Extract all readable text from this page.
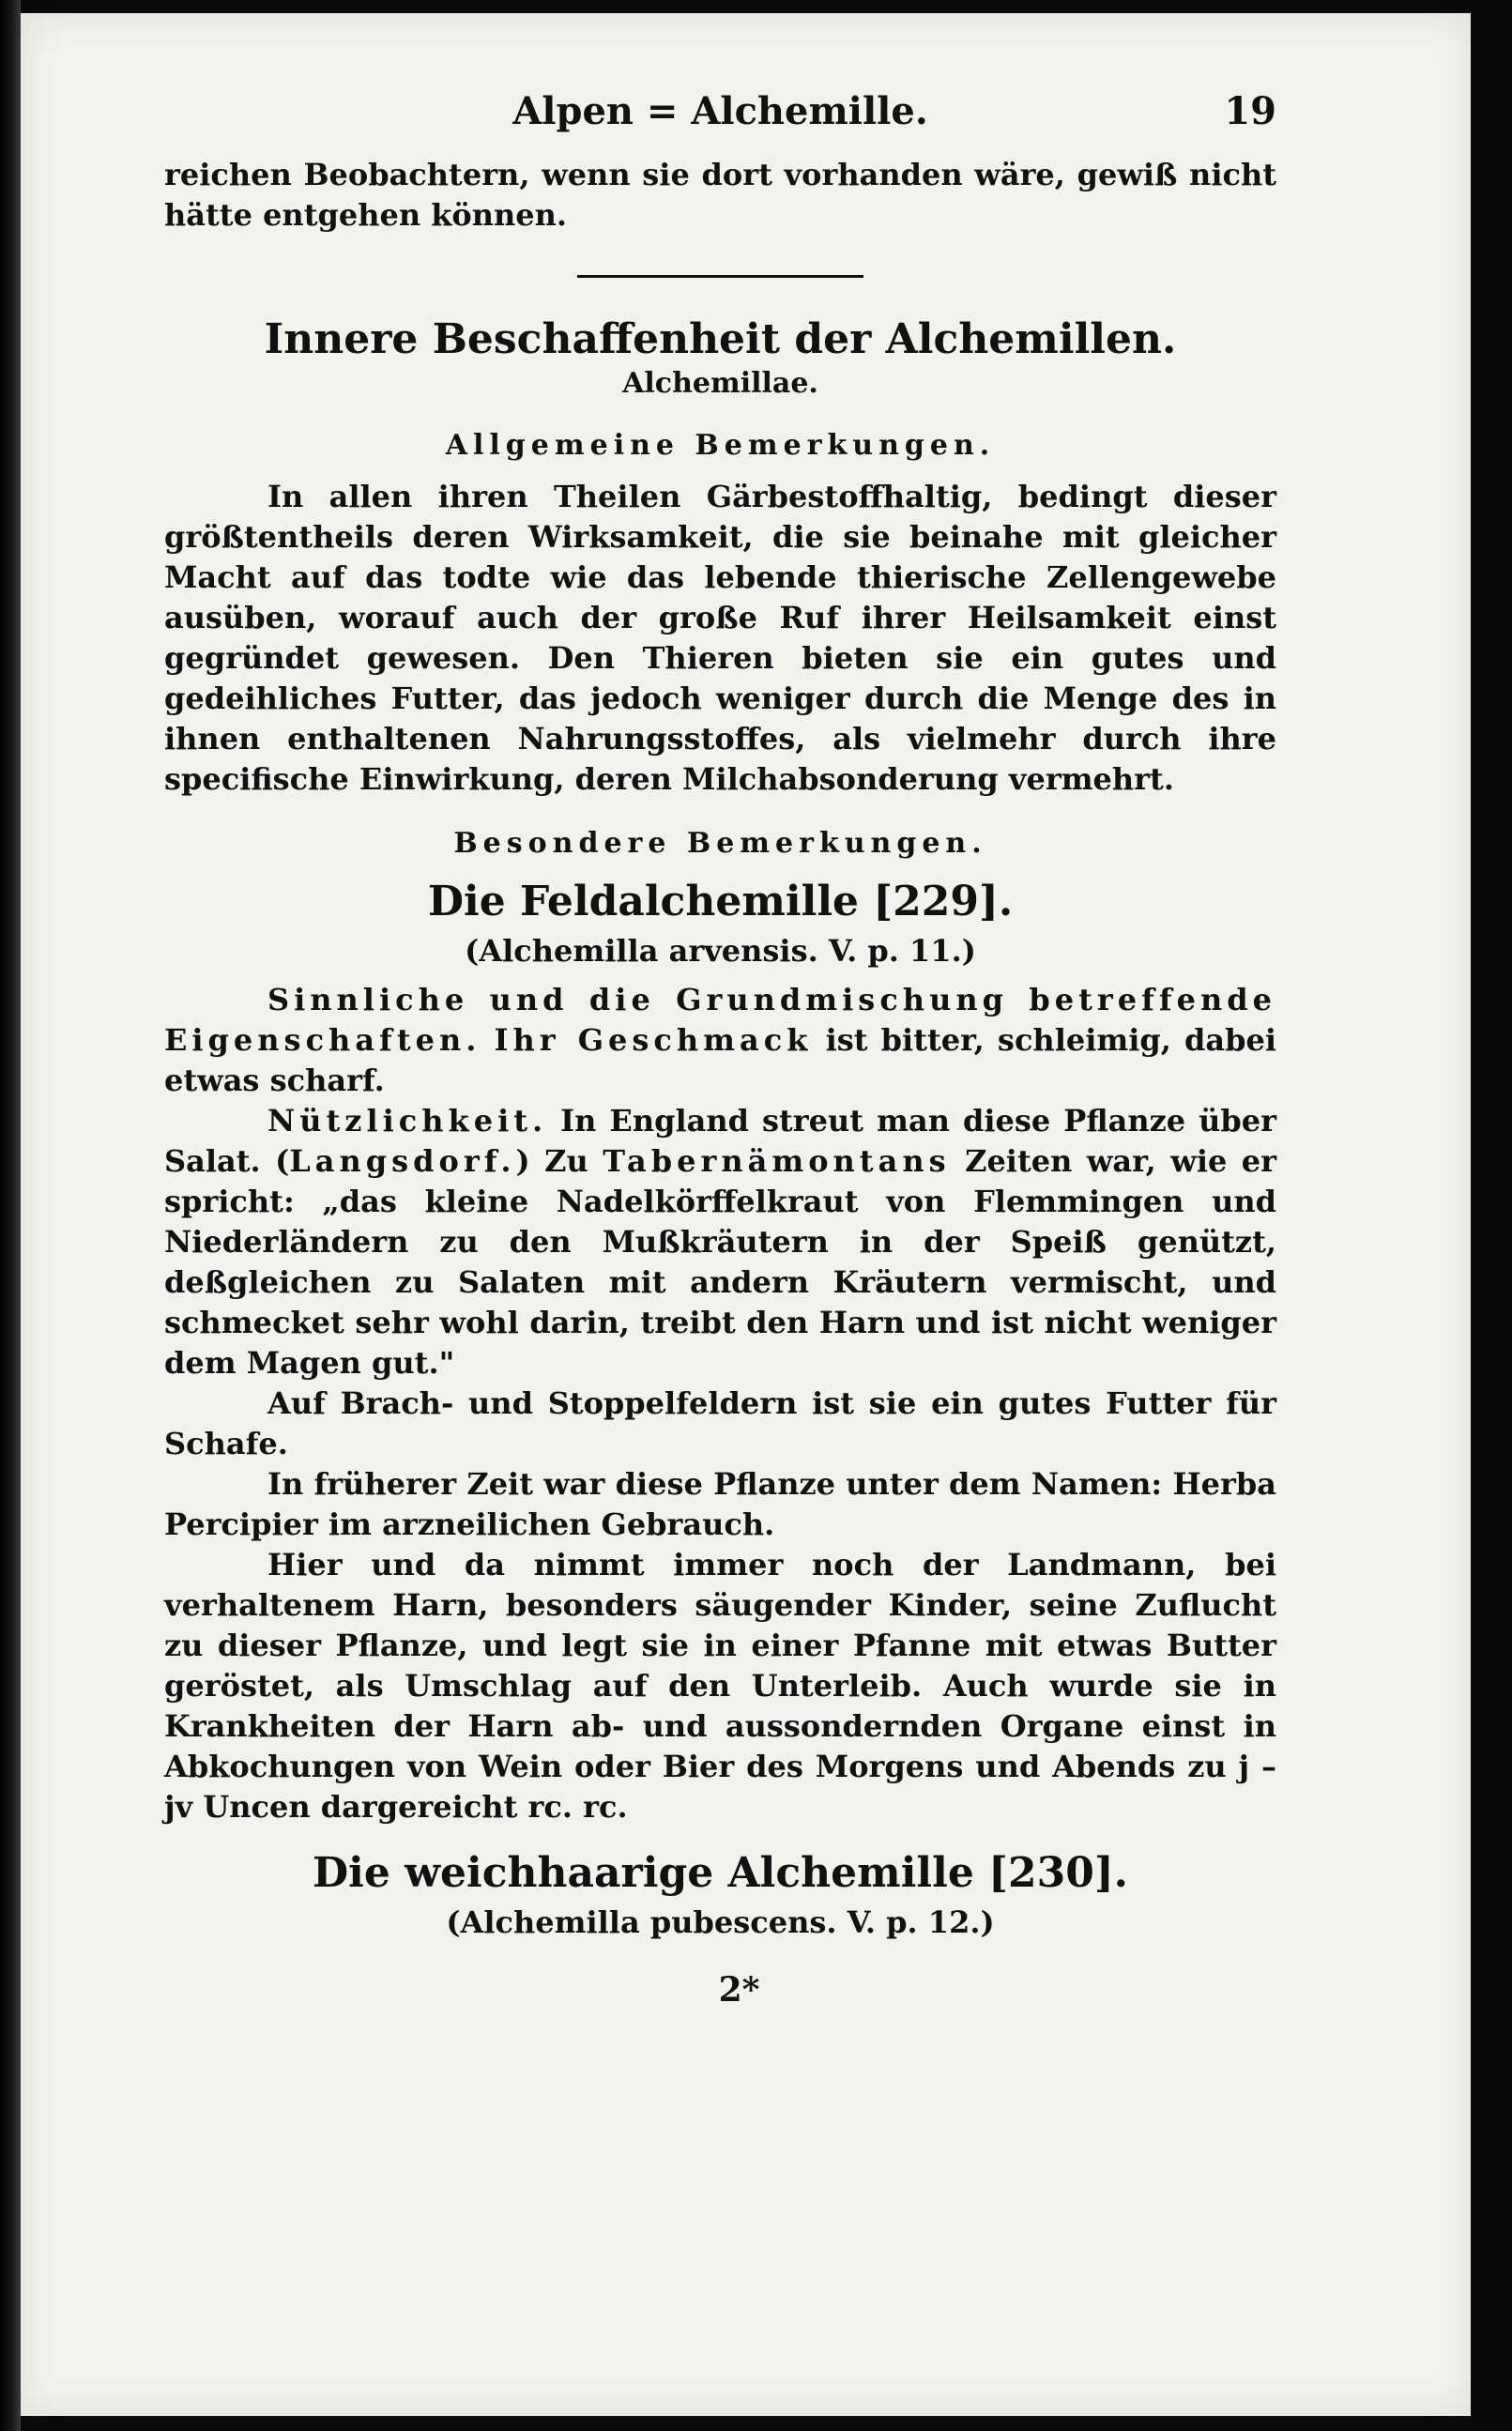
Alpen = Alchemille.	19

reichen Beobachtern, wenn sie dort vorhanden wäre, gewiß nicht hätte entgehen können.

Innere Beschaffenheit der Alchemillen.
Alchemillae.
Allgemeine Bemerkungen.

In allen ihren Theilen Gärbestoffhaltig, bedingt dieser größtentheils deren Wirksamkeit, die sie beinahe mit gleicher Macht auf das todte wie das lebende thierische Zellengewebe ausüben, worauf auch der große Ruf ihrer Heilsamkeit einst gegründet gewesen. Den Thieren bieten sie ein gutes und gedeihliches Futter, das jedoch weniger durch die Menge des in ihnen enthaltenen Nahrungsstoffes, als vielmehr durch ihre specifische Einwirkung, deren Milchabsonderung vermehrt.

Besondere Bemerkungen.
Die Feldalchemille [229].
(Alchemilla arvensis. V. p. 11.)

Sinnliche und die Grundmischung betreffende Eigenschaften. Ihr Geschmack ist bitter, schleimig, dabei etwas scharf.

Nützlichkeit. In England streut man diese Pflanze über Salat. (Langsdorf.) Zu Tabernämontans Zeiten war, wie er spricht: „das kleine Nadelkörffelkraut von Flemmingen und Niederländern zu den Mußkräutern in der Speiß genützt, deßgleichen zu Salaten mit andern Kräutern vermischt, und schmecket sehr wohl darin, treibt den Harn und ist nicht weniger dem Magen gut."

Auf Brach- und Stoppelfeldern ist sie ein gutes Futter für Schafe.

In früherer Zeit war diese Pflanze unter dem Namen: Herba Percipier im arzneilichen Gebrauch.

Hier und da nimmt immer noch der Landmann, bei verhaltenem Harn, besonders säugender Kinder, seine Zuflucht zu dieser Pflanze, und legt sie in einer Pfanne mit etwas Butter geröstet, als Umschlag auf den Unterleib. Auch wurde sie in Krankheiten der Harn ab- und aussondernden Organe einst in Abkochungen von Wein oder Bier des Morgens und Abends zu j – jv Uncen dargereicht rc. rc.

Die weichhaarige Alchemille [230].
(Alchemilla pubescens. V. p. 12.)
2*
